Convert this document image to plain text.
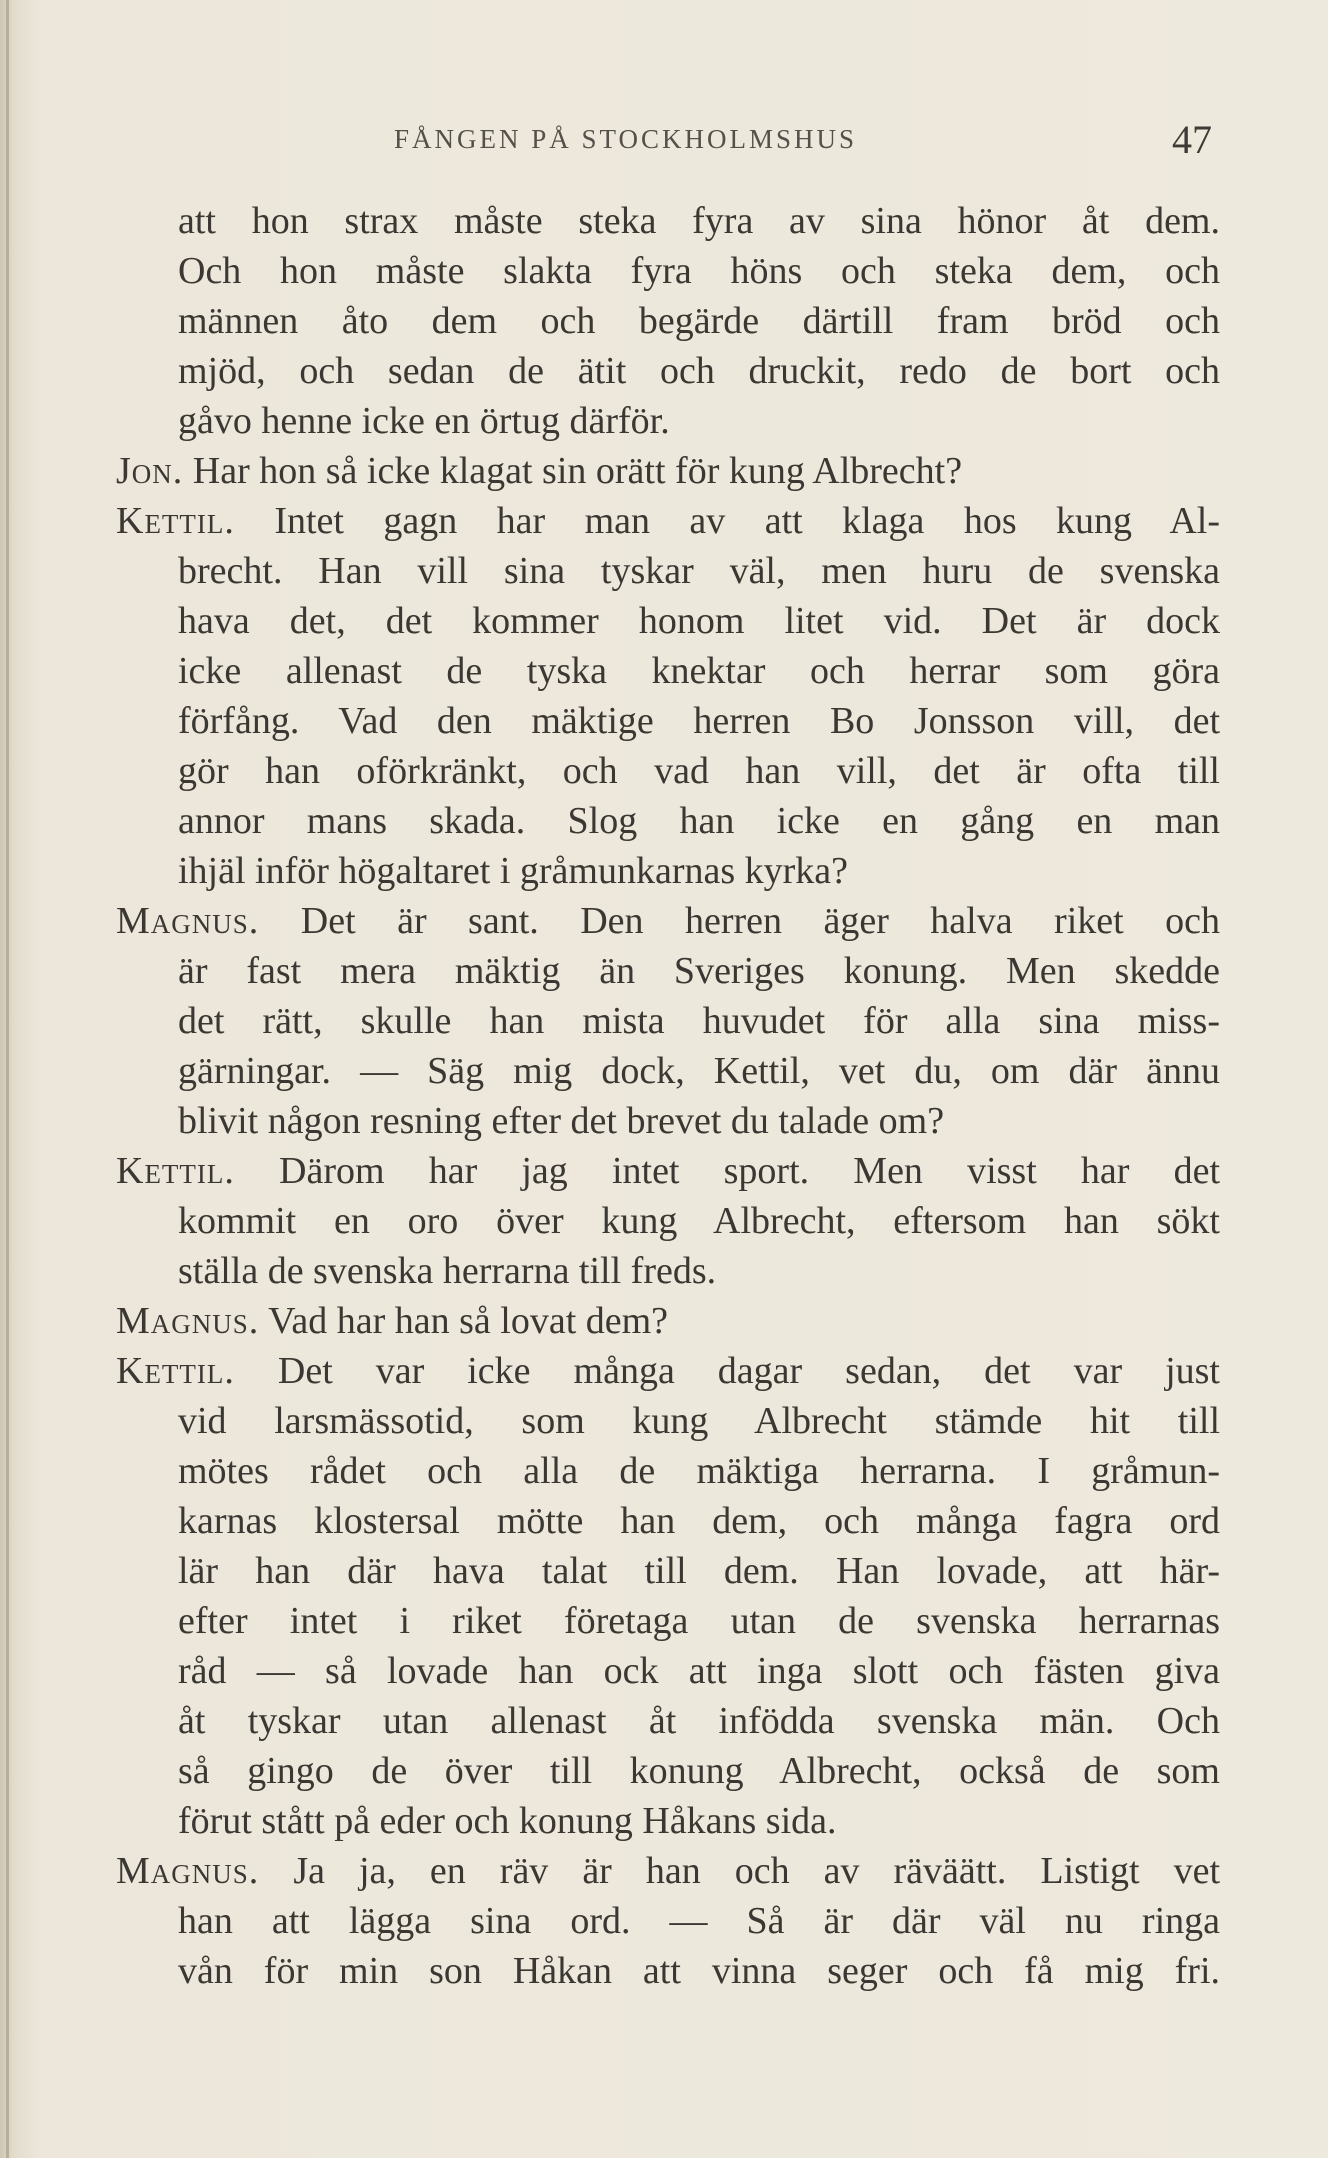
FÅNGEN PÅ STOCKHOLMSHUS	47
att hon strax måste steka fyra av sina hönor åt dem.
Och hon måste slakta fyra höns och steka dem, och
männen åto dem och begärde därtill fram bröd och
mjöd, och sedan de ätit och druckit, redo de bort och
gåvo henne icke en örtug därför.
Jon. Har hon så icke klagat sin orätt för kung Albrecht?
Kettil. Intet gagn har man av att klaga hos kung Al-
brecht. Han vill sina tyskar väl, men huru de svenska
hava det, det kommer honom litet vid. Det är dock
icke allenast de tyska knektar och herrar som göra
förfång. Vad den mäktige herren Bo Jonsson vill, det
gör han oförkränkt, och vad han vill, det är ofta till
annor mans skada. Slog han icke en gång en man
ihjäl inför högaltaret i gråmunkarnas kyrka?
Magnus. Det är sant. Den herren äger halva riket och
är fast mera mäktig än Sveriges konung. Men skedde
det rätt, skulle han mista huvudet för alla sina miss-
gärningar. — Säg mig dock, Kettil, vet du, om där ännu
blivit någon resning efter det brevet du talade om?
Kettil. Därom har jag intet sport. Men visst har det
kommit en oro över kung Albrecht, eftersom han sökt
ställa de svenska herrarna till freds.
Magnus. Vad har han så lovat dem?
Kettil. Det var icke många dagar sedan, det var just
vid larsmässotid, som kung Albrecht stämde hit till
mötes rådet och alla de mäktiga herrarna. I gråmun-
karnas klostersal mötte han dem, och många fagra ord
lär han där hava talat till dem. Han lovade, att här-
efter intet i riket företaga utan de svenska herrarnas
råd — så lovade han ock att inga slott och fästen giva
åt tyskar utan allenast åt infödda svenska män. Och
så gingo de över till konung Albrecht, också de som
förut stått på eder och konung Håkans sida.
Magnus. Ja ja, en räv är han och av räväätt. Listigt vet
han att lägga sina ord. — Så är där väl nu ringa
vån för min son Håkan att vinna seger och få mig fri.
